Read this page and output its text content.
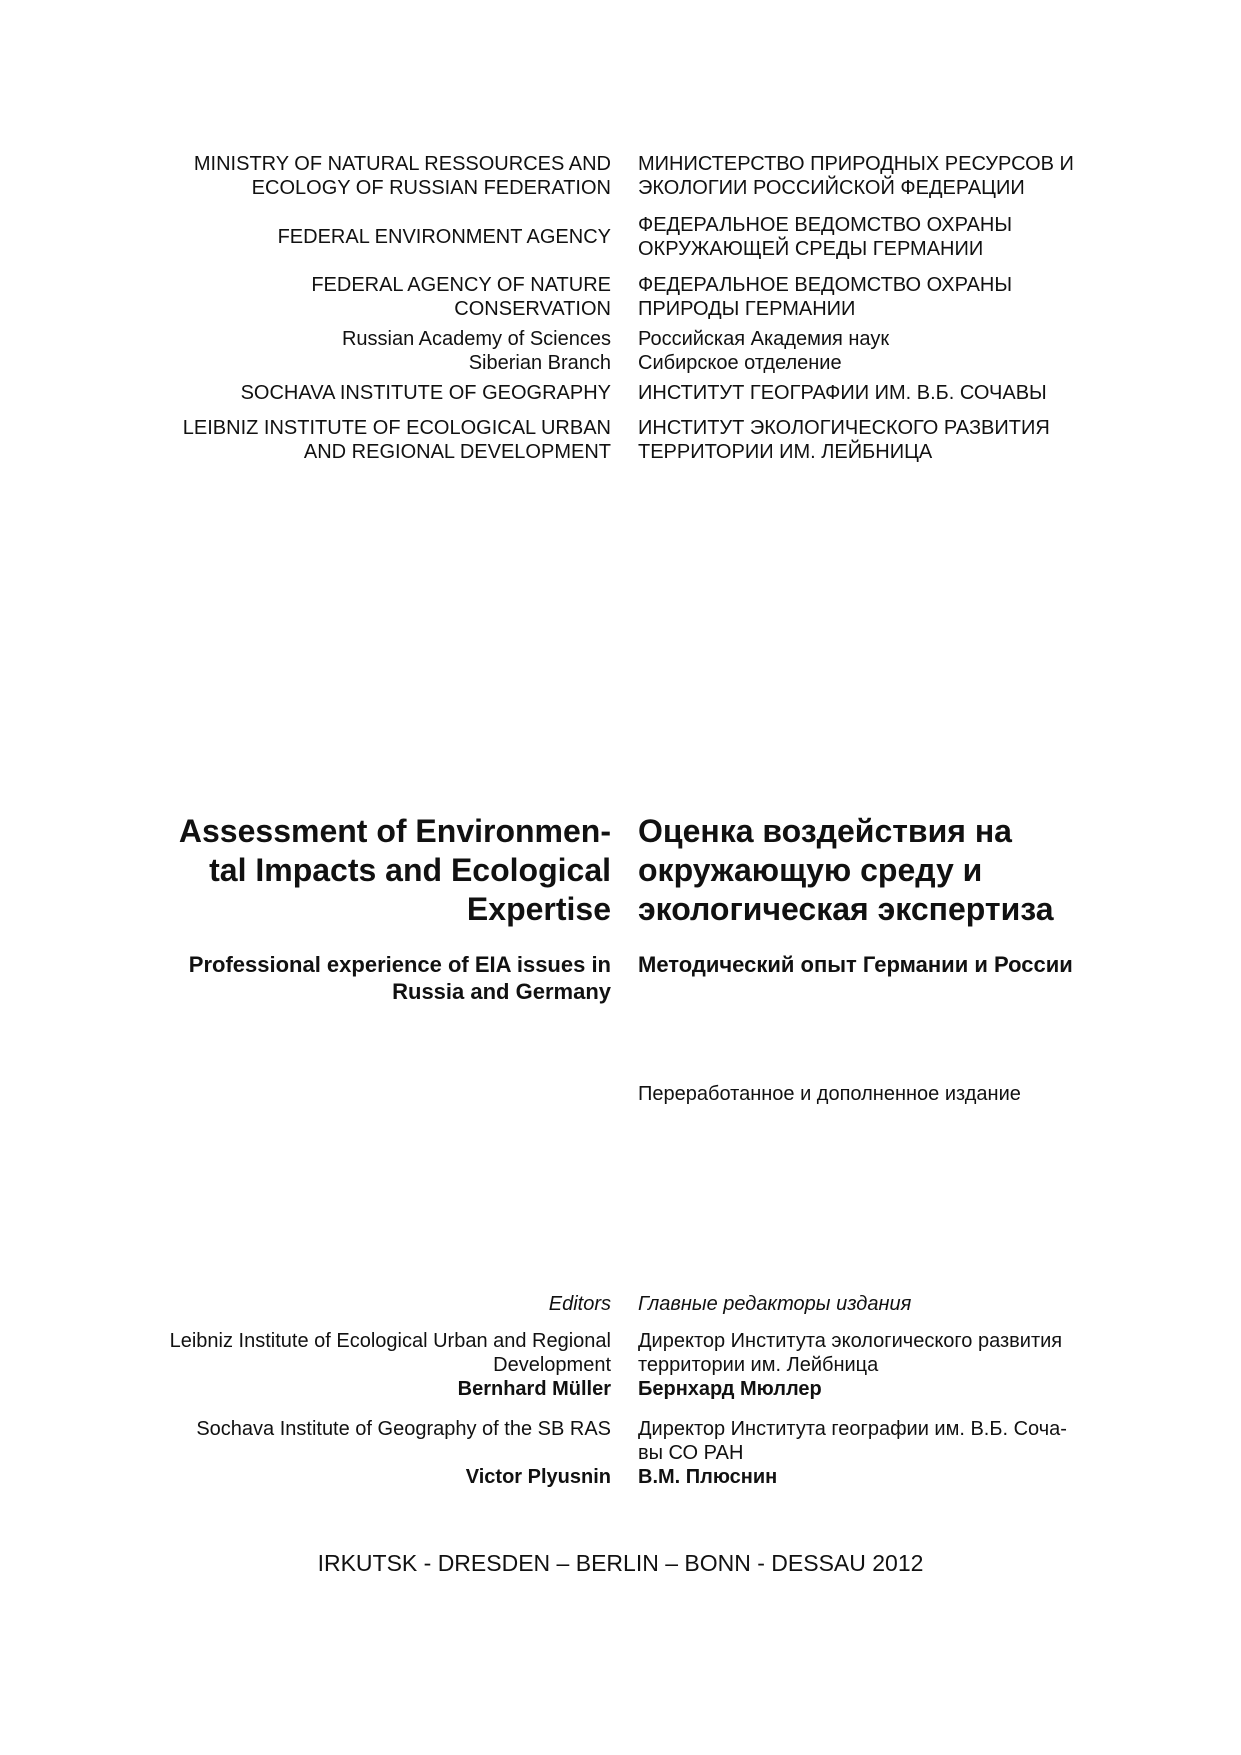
MINISTRY OF NATURAL RESSOURCES AND
ECOLOGY OF RUSSIAN FEDERATION
МИНИСТЕРСТВО ПРИРОДНЫХ РЕСУРСОВ И
ЭКОЛОГИИ РОССИЙСКОЙ ФЕДЕРАЦИИ
FEDERAL ENVIRONMENT AGENCY
ФЕДЕРАЛЬНОЕ ВЕДОМСТВО ОХРАНЫ
ОКРУЖАЮЩЕЙ СРЕДЫ ГЕРМАНИИ
FEDERAL AGENCY OF NATURE
CONSERVATION
ФЕДЕРАЛЬНОЕ ВЕДОМСТВО ОХРАНЫ
ПРИРОДЫ ГЕРМАНИИ
Russian Academy of Sciences
Siberian Branch
Российская Академия наук
Сибирское отделение
SOCHAVA INSTITUTE OF GEOGRAPHY ИНСТИТУТ ГЕОГРАФИИ ИМ. В.Б. СОЧАВЫ
LEIBNIZ INSTITUTE OF ECOLOGICAL URBAN
AND REGIONAL DEVELOPMENT
ИНСТИТУТ ЭКОЛОГИЧЕСКОГО РАЗВИТИЯ
ТЕРРИТОРИИ ИМ. ЛЕЙБНИЦА
Assessment of Environmen-
tal Impacts and Ecological
Expertise
Оценка воздействия на
окружающую среду и
экологическая экспертиза
Professional experience of EIA issues in
Russia and Germany
Методический опыт Германии и России
Переработанное и дополненное издание
Editors Главные редакторы издания
Leibniz Institute of Ecological Urban and Regional
Development
Bernhard Müller
Директор Института экологического развития
территории им. Лейбница
Бернхард Мюллер
Sochava Institute of Geography of the SB RAS
Victor Plyusnin
Директор Института географии им. В.Б. Соча-
вы СО РАН
В.М. Плюснин
IRKUTSK - DRESDEN – BERLIN – BONN - DESSAU 2012
